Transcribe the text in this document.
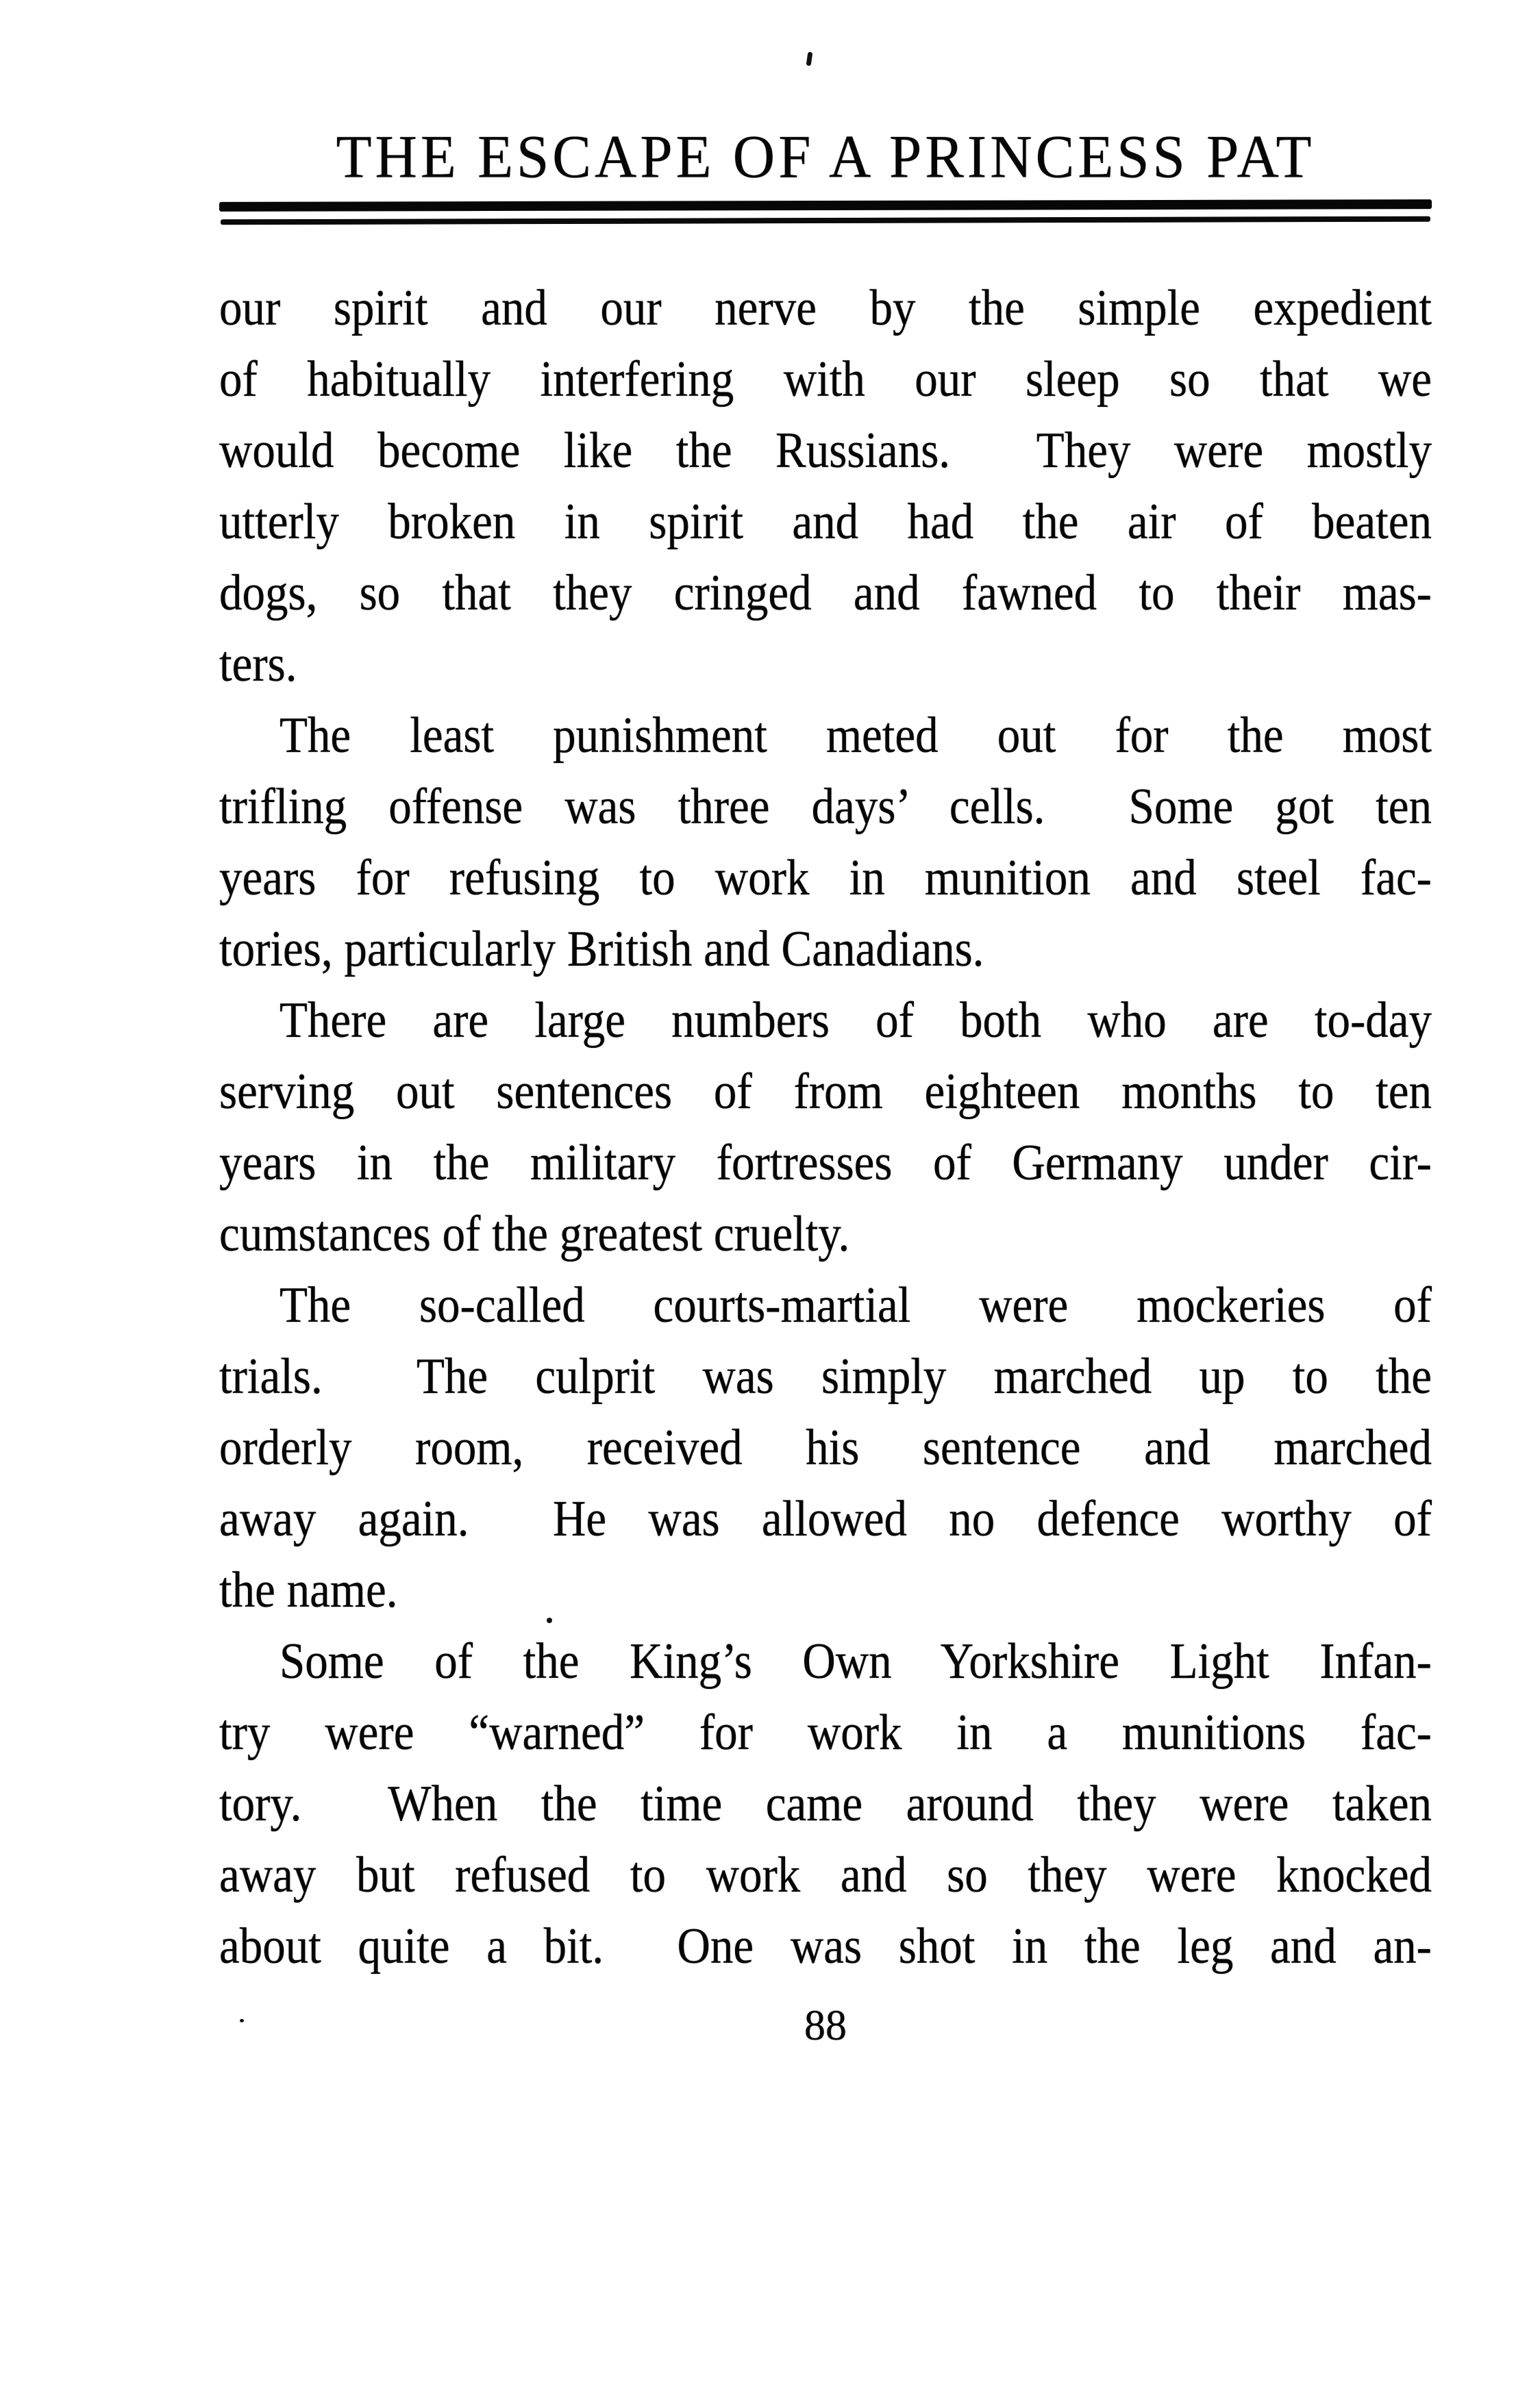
THE ESCAPE OF A PRINCESS PAT
our spirit and our nerve by the simple expedient
of habitually interfering with our sleep so that we
would become like the Russians.  They were mostly
utterly broken in spirit and had the air of beaten
dogs, so that they cringed and fawned to their mas-
ters.
The least punishment meted out for the most
trifling offense was three days’ cells.  Some got ten
years for refusing to work in munition and steel fac-
tories, particularly British and Canadians.
There are large numbers of both who are to-day
serving out sentences of from eighteen months to ten
years in the military fortresses of Germany under cir-
cumstances of the greatest cruelty.
The so-called courts-martial were mockeries of
trials.  The culprit was simply marched up to the
orderly room, received his sentence and marched
away again.  He was allowed no defence worthy of
the name.
Some of the King’s Own Yorkshire Light Infan-
try were “warned” for work in a munitions fac-
tory.  When the time came around they were taken
away but refused to work and so they were knocked
about quite a bit.  One was shot in the leg and an-
88
